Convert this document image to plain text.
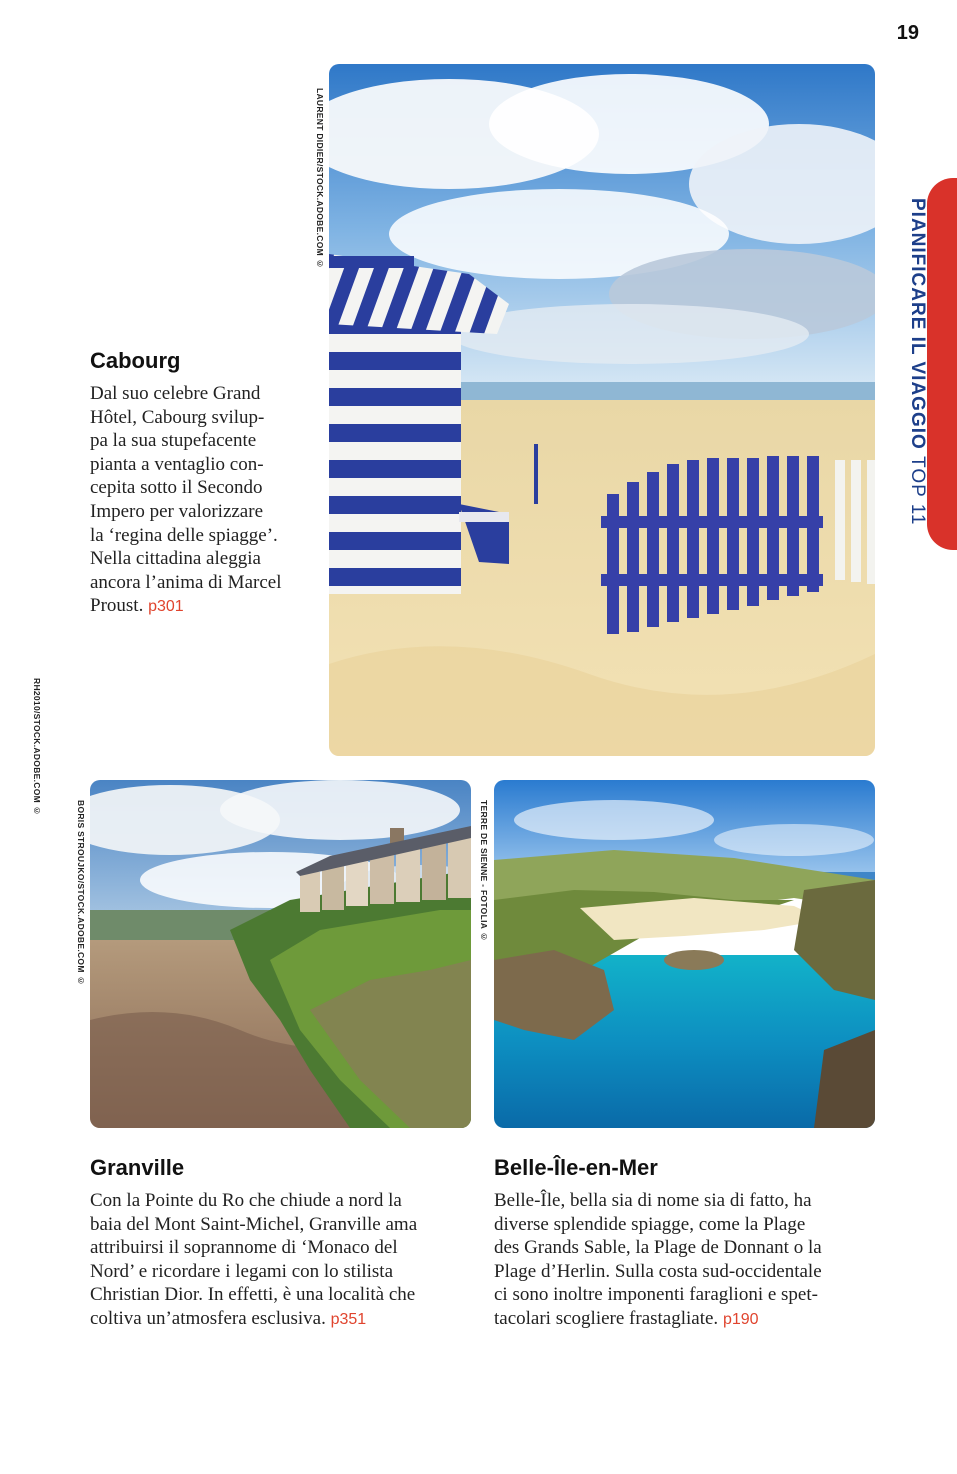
19
PIANIFICARE IL VIAGGIO TOP 11
LAURENT DIDIER/STOCK.ADOBE.COM ©
RH2010/STOCK.ADOBE.COM ©
BORIS STROUJKO/STOCK.ADOBE.COM ©	TERRE DE SIENNE - FOTOLIA ©
Cabourg

Dal suo celebre Grand
Hôtel, Cabourg svilup-
pa la sua stupefacente
pianta a ventaglio con-
cepita sotto il Secondo
Impero per valorizzare
la ‘regina delle spiagge’.
Nella cittadina aleggia
ancora l’anima di Marcel
Proust. p301

Granville

Con la Pointe du Ro che chiude a nord la
baia del Mont Saint-Michel, Granville ama
attribuirsi il soprannome di ‘Monaco del
Nord’ e ricordare i legami con lo stilista
Christian Dior. In effetti, è una località che
coltiva un’atmosfera esclusiva. p351

Belle-Île-en-Mer

Belle-Île, bella sia di nome sia di fatto, ha
diverse splendide spiagge, come la Plage
des Grands Sable, la Plage de Donnant o la
Plage d’Herlin. Sulla costa sud-occidentale
ci sono inoltre imponenti faraglioni e spet-
tacolari scogliere frastagliate. p190
